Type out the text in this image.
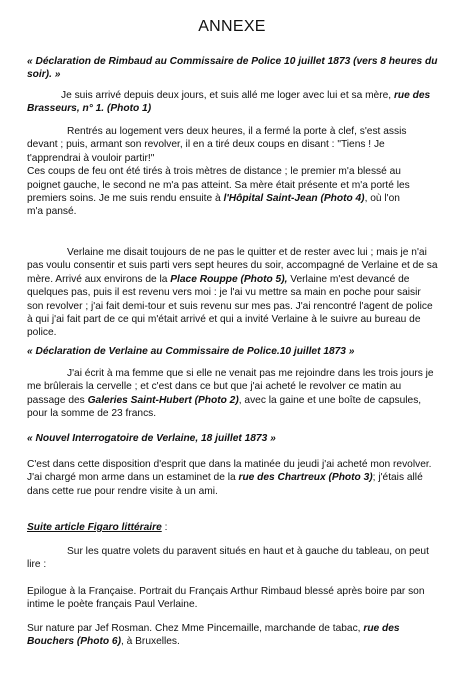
ANNEXE
« Déclaration de Rimbaud au Commissaire de Police 10 juillet 1873 (vers 8 heures du soir). »
Je suis arrivé depuis deux jours, et suis allé me loger avec lui et sa mère, rue des Brasseurs, n° 1. (Photo 1)
Rentrés au logement vers deux heures, il a fermé la porte à clef, s'est assis
devant ; puis, armant son revolver, il en a tiré deux coups en disant : "Tiens ! Je
t'apprendrai à vouloir partir!"
Ces coups de feu ont été tirés à trois mètres de distance ; le premier m'a blessé au
poignet gauche, le second ne m'a pas atteint. Sa mère était présente et m'a porté les
premiers soins. Je me suis rendu ensuite à l'Hôpital Saint-Jean (Photo 4), où l'on
m'a pansé.
Verlaine me disait toujours de ne pas le quitter et de rester avec lui ; mais je n'ai pas voulu consentir et suis parti vers sept heures du soir, accompagné de Verlaine et de sa mère. Arrivé aux environs de la Place Rouppe (Photo 5), Verlaine m'est devancé de quelques pas, puis il est revenu vers moi : je l'ai vu mettre sa main en poche pour saisir son revolver ; j'ai fait demi-tour et suis revenu sur mes pas. J'ai rencontré l'agent de police à qui j'ai fait part de ce qui m'était arrivé et qui a invité Verlaine à le suivre au bureau de police.
« Déclaration de Verlaine au Commissaire de Police.10 juillet 1873 »
J'ai écrit à ma femme que si elle ne venait pas me rejoindre dans les trois jours je me brûlerais la cervelle ; et c'est dans ce but que j'ai acheté le revolver ce matin au passage des Galeries Saint-Hubert (Photo 2), avec la gaine et une boîte de capsules, pour la somme de 23 francs.
« Nouvel Interrogatoire de Verlaine, 18 juillet 1873 »
C'est dans cette disposition d'esprit que dans la matinée du jeudi j'ai acheté mon revolver. J'ai chargé mon arme dans un estaminet de la rue des Chartreux (Photo 3); j'étais allé dans cette rue pour rendre visite à un ami.
Suite article Figaro littéraire :
Sur les quatre volets du paravent situés en haut et à gauche du tableau, on peut lire :
Epilogue à la Française. Portrait du Français Arthur Rimbaud blessé après boire par son intime le poète français Paul Verlaine.
Sur nature par Jef Rosman. Chez Mme Pincemaille, marchande de tabac, rue des Bouchers (Photo 6), à Bruxelles.
